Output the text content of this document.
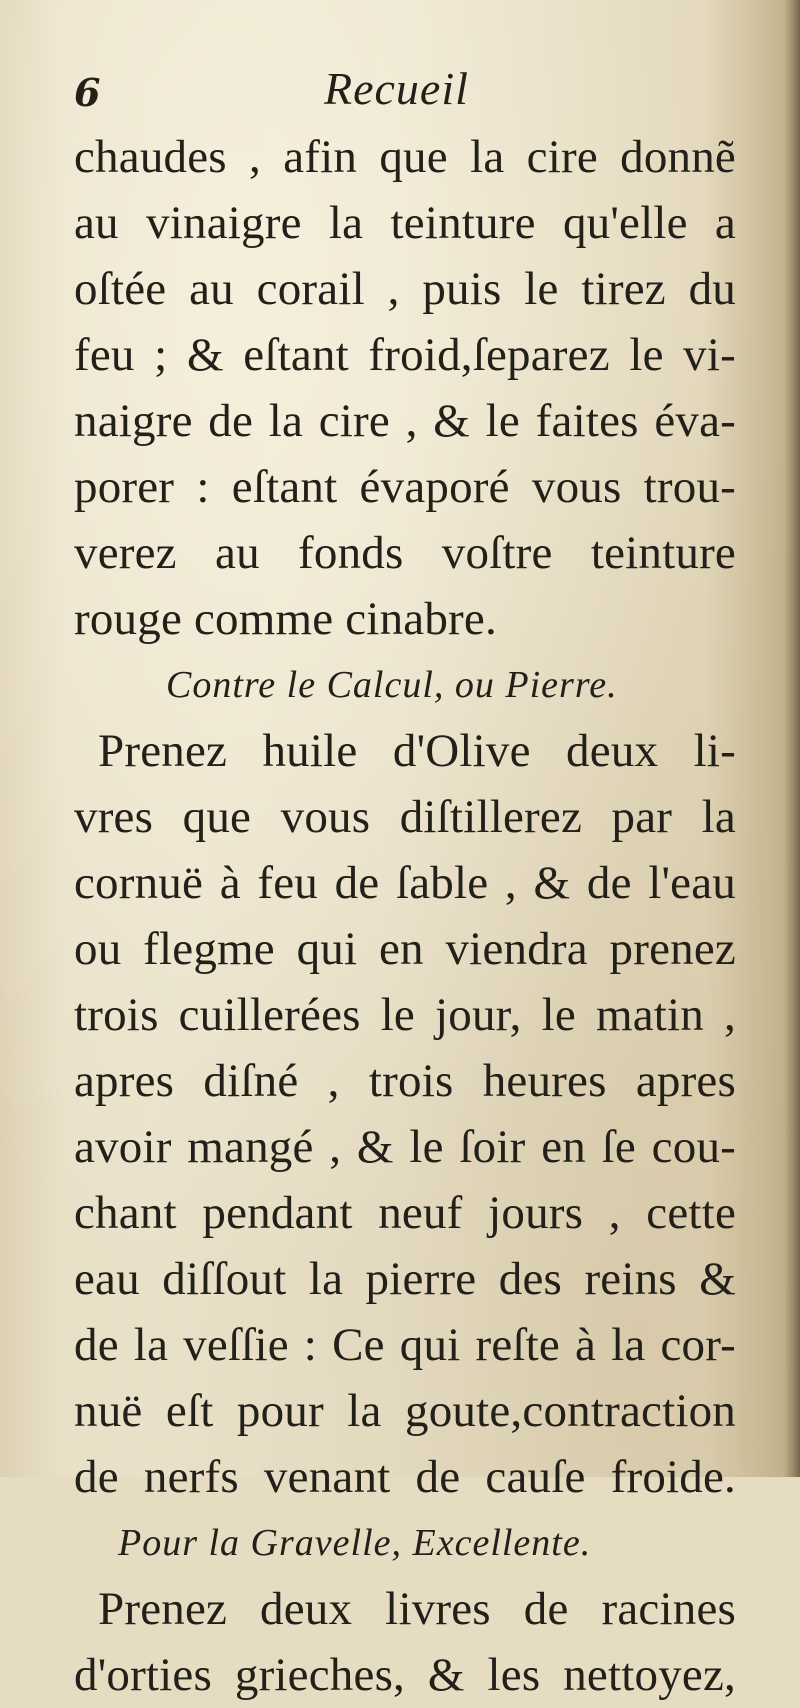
6	Recueil
chaudes , afin que la cire donnẽ
au vinaigre la teinture qu'elle a
oſtée au corail , puis le tirez du
feu ; & eſtant froid,ſeparez le vi-
naigre de la cire , & le faites éva-
porer : eſtant évaporé vous trou-
verez au fonds voſtre teinture
rouge comme cinabre.
Contre le Calcul, ou Pierre.
Prenez huile d'Olive deux li-
vres que vous diſtillerez par la
cornuë à feu de ſable , & de l'eau
ou flegme qui en viendra prenez
trois cuillerées le jour, le matin ,
apres diſné , trois heures apres
avoir mangé , & le ſoir en ſe cou-
chant pendant neuf jours , cette
eau diſſout la pierre des reins &
de la veſſie : Ce qui reſte à la cor-
nuë eſt pour la goute,contraction
de nerfs venant de cauſe froide.
Pour la Gravelle, Excellente.
Prenez deux livres de racines
d'orties grieches, & les nettoyez,
